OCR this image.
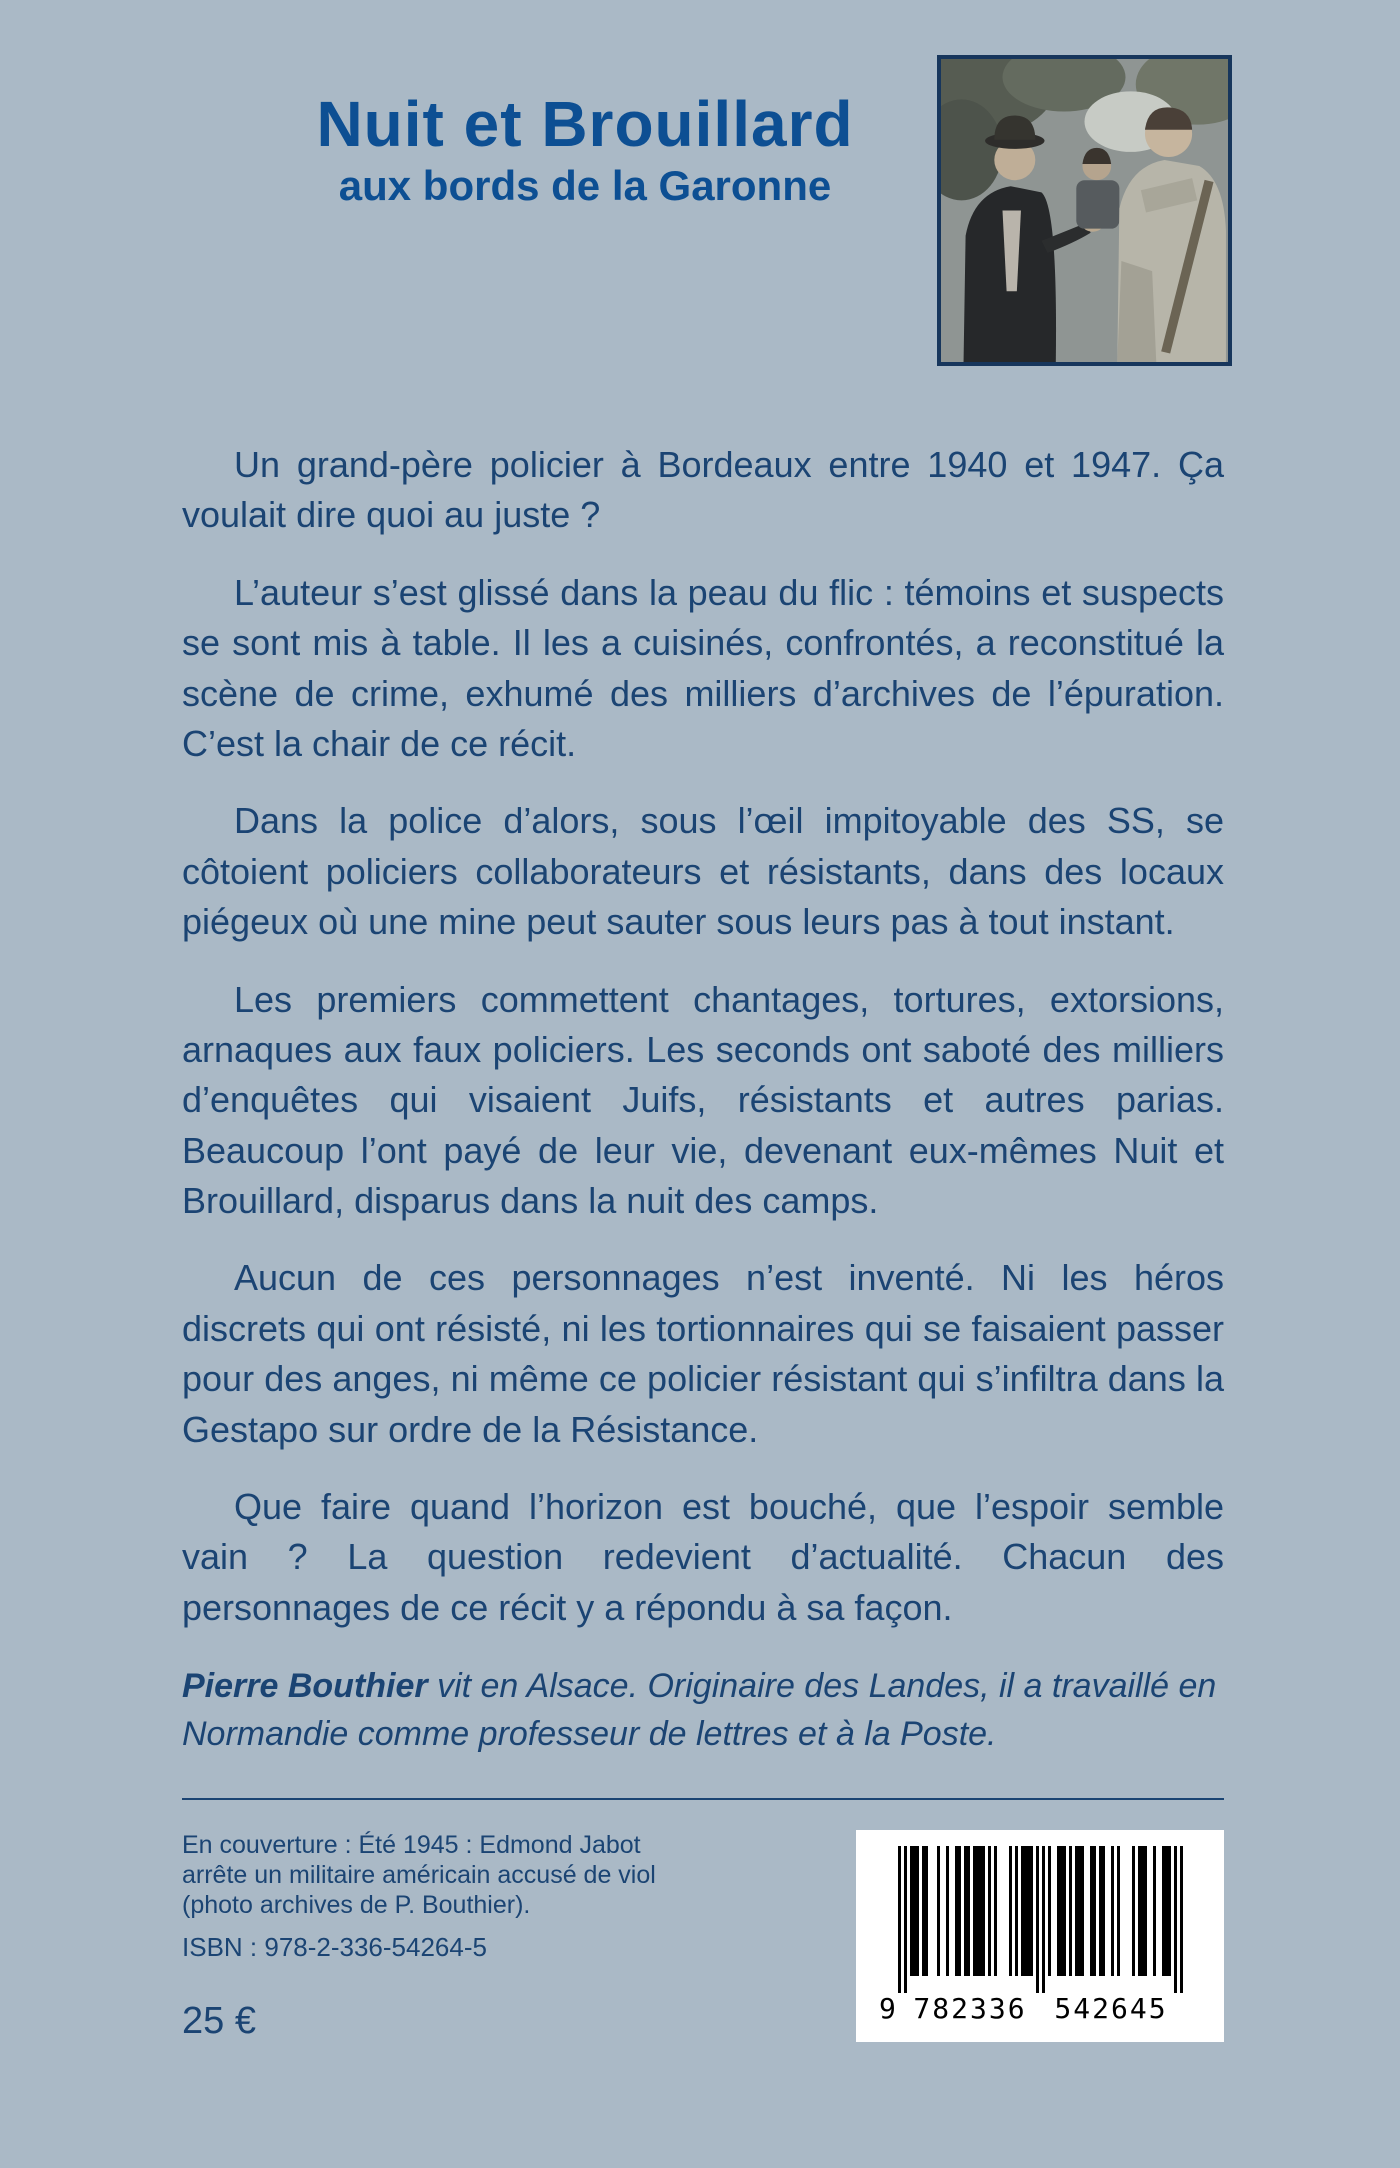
Nuit et Brouillard
aux bords de la Garonne

Un grand-père policier à Bordeaux entre 1940 et 1947. Ça voulait dire quoi au juste ?

L’auteur s’est glissé dans la peau du flic : témoins et suspects se sont mis à table. Il les a cuisinés, confrontés, a reconstitué la scène de crime, exhumé des milliers d’archives de l’épuration. C’est la chair de ce récit.

Dans la police d’alors, sous l’œil impitoyable des SS, se côtoient policiers collaborateurs et résistants, dans des locaux piégeux où une mine peut sauter sous leurs pas à tout instant.

Les premiers commettent chantages, tortures, extorsions, arnaques aux faux policiers. Les seconds ont saboté des milliers d’enquêtes qui visaient Juifs, résistants et autres parias. Beaucoup l’ont payé de leur vie, devenant eux-mêmes Nuit et Brouillard, disparus dans la nuit des camps.

Aucun de ces personnages n’est inventé. Ni les héros discrets qui ont résisté, ni les tortionnaires qui se faisaient passer pour des anges, ni même ce policier résistant qui s’infiltra dans la Gestapo sur ordre de la Résistance.

Que faire quand l’horizon est bouché, que l’espoir semble vain ? La question redevient d’actualité. Chacun des personnages de ce récit y a répondu à sa façon.

Pierre Bouthier vit en Alsace. Originaire des Landes, il a travaillé en Normandie comme professeur de lettres et à la Poste.
En couverture : Été 1945 : Edmond Jabot
arrête un militaire américain accusé de viol
(photo archives de P. Bouthier).
ISBN : 978-2-336-54264-5
25 €	9 782336 542645
